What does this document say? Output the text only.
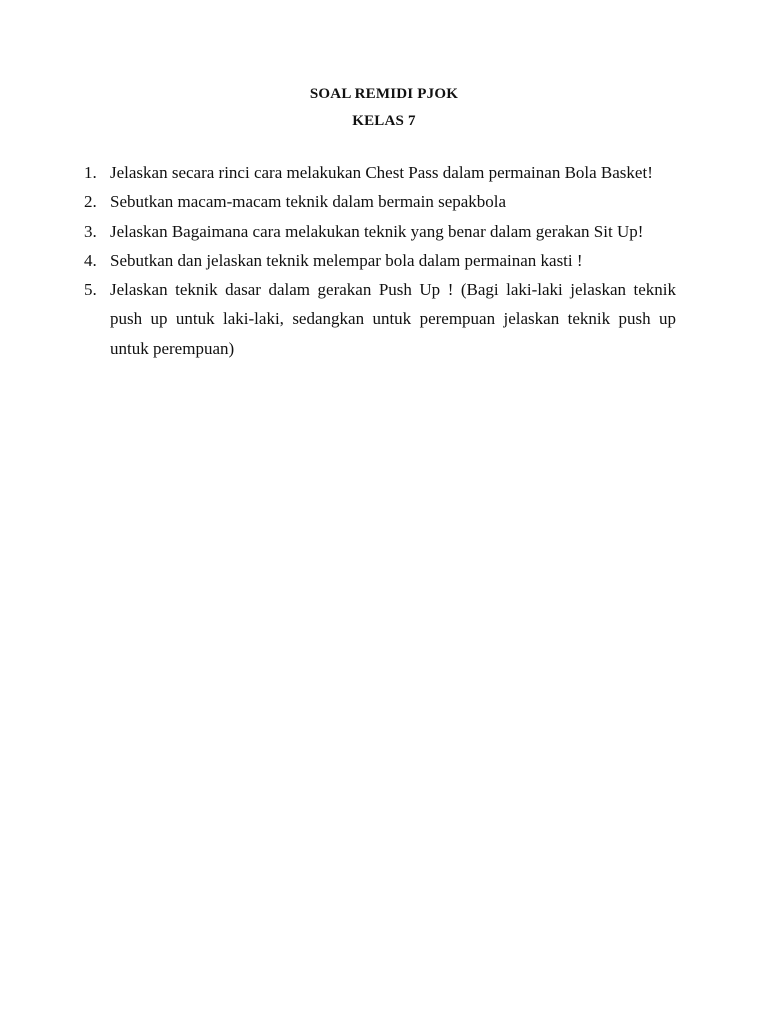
SOAL REMIDI PJOK
KELAS 7
1. Jelaskan secara rinci cara melakukan Chest Pass dalam permainan Bola Basket!
2. Sebutkan macam-macam teknik dalam bermain sepakbola
3. Jelaskan Bagaimana cara melakukan teknik yang benar dalam gerakan Sit Up!
4. Sebutkan dan jelaskan teknik melempar bola dalam permainan kasti !
5. Jelaskan teknik dasar dalam gerakan Push Up ! (Bagi laki-laki jelaskan teknik push up untuk laki-laki, sedangkan untuk perempuan jelaskan teknik push up untuk perempuan)
